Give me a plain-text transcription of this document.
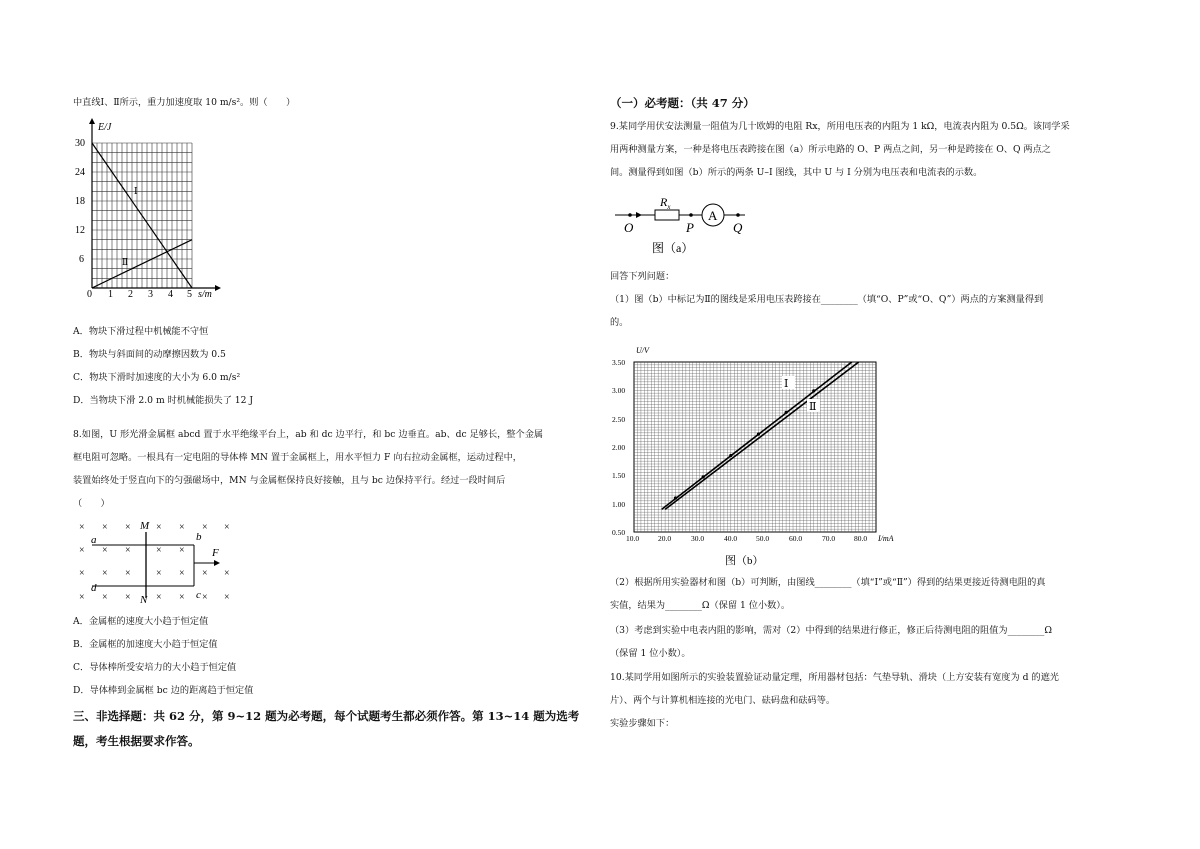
中直线Ⅰ、Ⅱ所示，重力加速度取 10 m/s²。则（　　）
E/J
s/m
0
30
24
18
12
6
1 2 3 4 5
Ⅰ
Ⅱ
A．物块下滑过程中机械能不守恒
B．物块与斜面间的动摩擦因数为 0.5
C．物块下滑时加速度的大小为 6.0 m/s²
D．当物块下滑 2.0 m 时机械能损失了 12 J
8.如图，U 形光滑金属框 abcd 置于水平绝缘平台上，ab 和 dc 边平行，和 bc 边垂直。ab、dc 足够长，整个金属
框电阻可忽略。一根具有一定电阻的导体棒 MN 置于金属框上，用水平恒力 F 向右拉动金属框，运动过程中，
装置始终处于竖直向下的匀强磁场中，MN 与金属框保持良好接触，且与 bc 边保持平行。经过一段时间后
（　　）
× × ×	× × × ×
× × ×	× ×
× × ×	× × × ×
× × ×	× × × ×
M
N
a	b
c
d
F
A．金属框的速度大小趋于恒定值
B．金属框的加速度大小趋于恒定值
C．导体棒所受安培力的大小趋于恒定值
D．导体棒到金属框 bc 边的距离趋于恒定值
三、非选择题：共 62 分，第 9~12 题为必考题，每个试题考生都必须作答。第 13~14 题为选考
题，考生根据要求作答。
（一）必考题：（共 47 分）
9.某同学用伏安法测量一阻值为几十欧姆的电阻 Rx，所用电压表的内阻为 1 kΩ，电流表内阻为 0.5Ω。该同学采
用两种测量方案，一种是将电压表跨接在图（a）所示电路的 O、P 两点之间，另一种是跨接在 O、Q 两点之
间。测量得到如图（b）所示的两条 U–I 图线，其中 U 与 I 分别为电压表和电流表的示数。
$R_x$
A
O	P	Q
图（a）
回答下列问题：
（1）图（b）中标记为Ⅱ的图线是采用电压表跨接在________（填“O、P”或“O、Q”）两点的方案测量得到
的。
U/V
I/mA
3.50
3.00
2.50
2.00
1.50
1.00
0.50
10.0	20.0	30.0	40.0	50.0	60.0	70.0	80.0
Ⅰ
Ⅱ
图（b）
（2）根据所用实验器材和图（b）可判断，由图线________（填“Ⅰ”或“Ⅱ”）得到的结果更接近待测电阻的真
实值，结果为________Ω（保留 1 位小数）。
（3）考虑到实验中电表内阻的影响，需对（2）中得到的结果进行修正，修正后待测电阻的阻值为________Ω
（保留 1 位小数）。
10.某同学用如图所示的实验装置验证动量定理，所用器材包括：气垫导轨、滑块（上方安装有宽度为 d 的遮光
片）、两个与计算机相连接的光电门、砝码盘和砝码等。
实验步骤如下：
